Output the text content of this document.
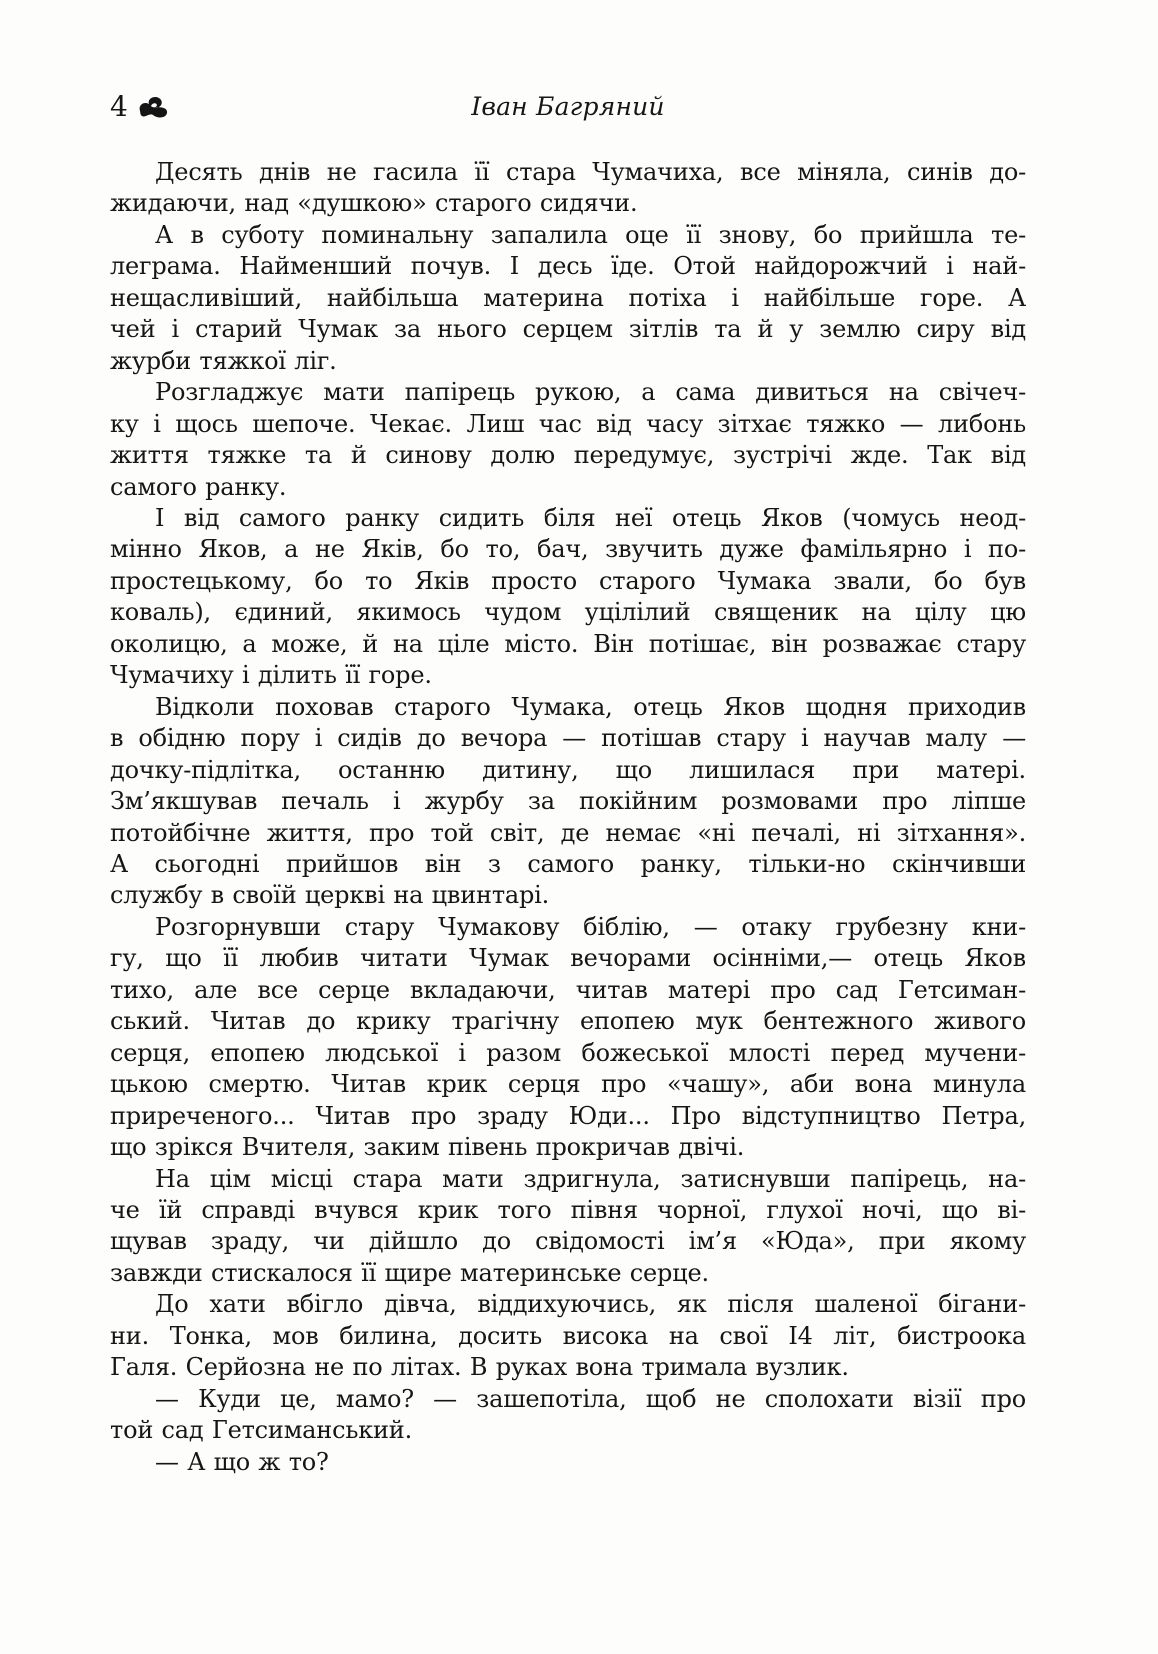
4	Іван Багряний

Десять днів не гасила її стара Чумачиха, все міняла, синів до-
жидаючи, над «душкою» старого сидячи.

А в суботу поминальну запалила оце її знову, бо прийшла те-
леграма. Найменший почув. І десь їде. Отой найдорожчий і най-
нещасливіший, найбільша материна потіха і найбільше горе. А
чей і старий Чумак за нього серцем зітлів та й у землю сиру від
журби тяжкої ліг.

Розгладжує мати папірець рукою, а сама дивиться на свічеч-
ку і щось шепоче. Чекає. Лиш час від часу зітхає тяжко — либонь
життя тяжке та й синову долю передумує, зустрічі жде. Так від
самого ранку.

І від самого ранку сидить біля неї отець Яков (чомусь неод-
мінно Яков, а не Яків, бо то, бач, звучить дуже фамільярно і по-
простецькому, бо то Яків просто старого Чумака звали, бо був
коваль), єдиний, якимось чудом уцілілий священик на цілу цю
околицю, а може, й на ціле місто. Він потішає, він розважає стару
Чумачиху і ділить її горе.

Відколи поховав старого Чумака, отець Яков щодня приходив
в обідню пору і сидів до вечора — потішав стару і научав малу —
дочку-підлітка, останню дитину, що лишилася при матері.
Зм’якшував печаль і журбу за покійним розмовами про ліпше
потойбічне життя, про той світ, де немає «ні печалі, ні зітхання».
А сьогодні прийшов він з самого ранку, тільки-но скінчивши
службу в своїй церкві на цвинтарі.

Розгорнувши стару Чумакову біблію, — отаку грубезну кни-
гу, що її любив читати Чумак вечорами осінніми,— отець Яков
тихо, але все серце вкладаючи, читав матері про сад Гетсиман-
ський. Читав до крику трагічну епопею мук бентежного живого
серця, епопею людської і разом божеської млості перед мучени-
цькою смертю. Читав крик серця про «чашу», аби вона минула
приреченого... Читав про зраду Юди... Про відступництво Петра,
що зрікся Вчителя, заким півень прокричав двічі.

На цім місці стара мати здригнула, затиснувши папірець, на-
че їй справді вчувся крик того півня чорної, глухої ночі, що ві-
щував зраду, чи дійшло до свідомості ім’я «Юда», при якому
завжди стискалося її щире материнське серце.

До хати вбігло дівча, віддихуючись, як після шаленої бігани-
ни. Тонка, мов билина, досить висока на свої І4 літ, бистроока
Галя. Серйозна не по літах. В руках вона тримала вузлик.

— Куди це, мамо? — зашепотіла, щоб не сполохати візії про
той сад Гетсиманський.

— А що ж то?
